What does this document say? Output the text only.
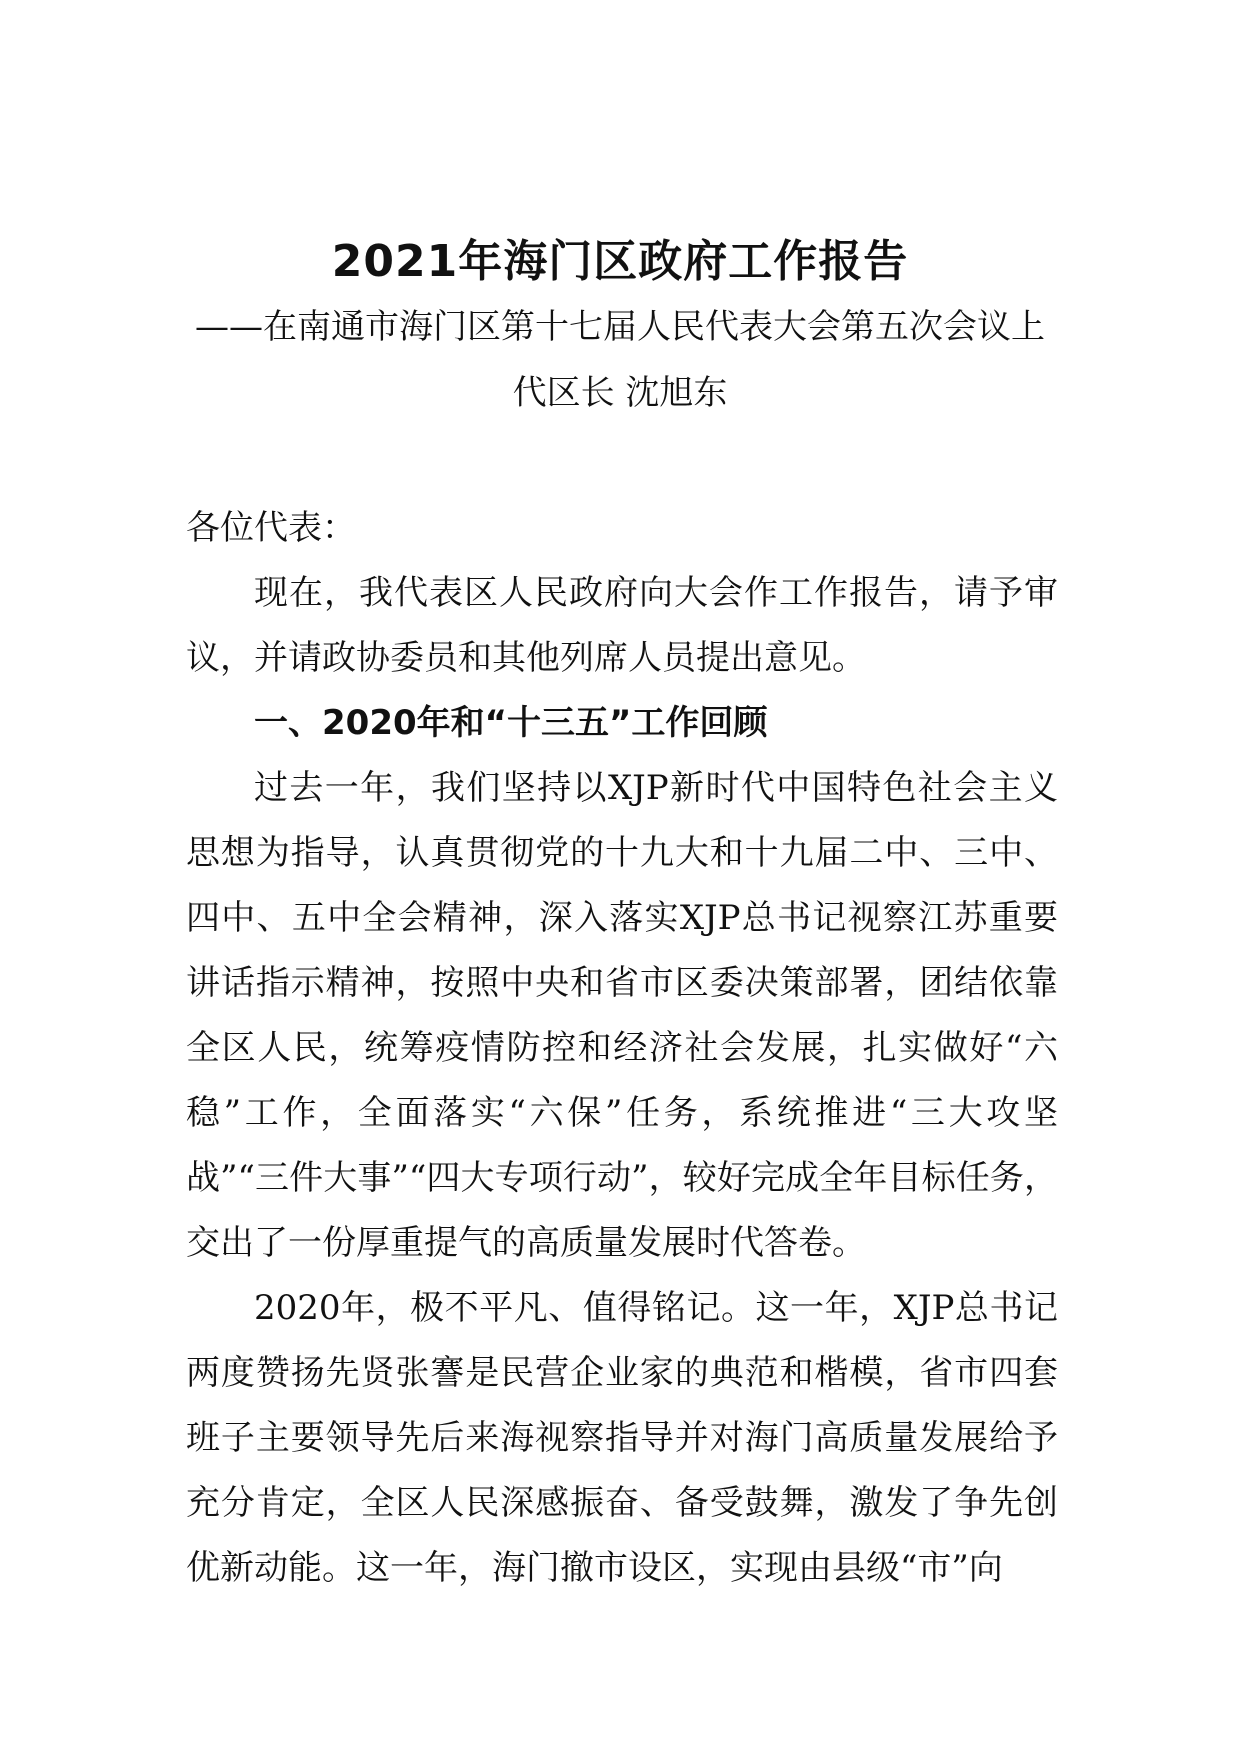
2021年海门区政府工作报告

——在南通市海门区第十七届人民代表大会第五次会议上

代区长 沈旭东

各位代表：

现在，我代表区人民政府向大会作工作报告，请予审议，并请政协委员和其他列席人员提出意见。

一、2020年和“十三五”工作回顾

过去一年，我们坚持以XJP新时代中国特色社会主义思想为指导，认真贯彻党的十九大和十九届二中、三中、四中、五中全会精神，深入落实XJP总书记视察江苏重要讲话指示精神，按照中央和省市区委决策部署，团结依靠全区人民，统筹疫情防控和经济社会发展，扎实做好“六稳”工作，全面落实“六保”任务，系统推进“三大攻坚战”“三件大事”“四大专项行动”，较好完成全年目标任务，交出了一份厚重提气的高质量发展时代答卷。

2020年，极不平凡、值得铭记。这一年，XJP总书记两度赞扬先贤张謇是民营企业家的典范和楷模，省市四套班子主要领导先后来海视察指导并对海门高质量发展给予充分肯定，全区人民深感振奋、备受鼓舞，激发了争先创优新动能。这一年，海门撤市设区，实现由县级“市”向
